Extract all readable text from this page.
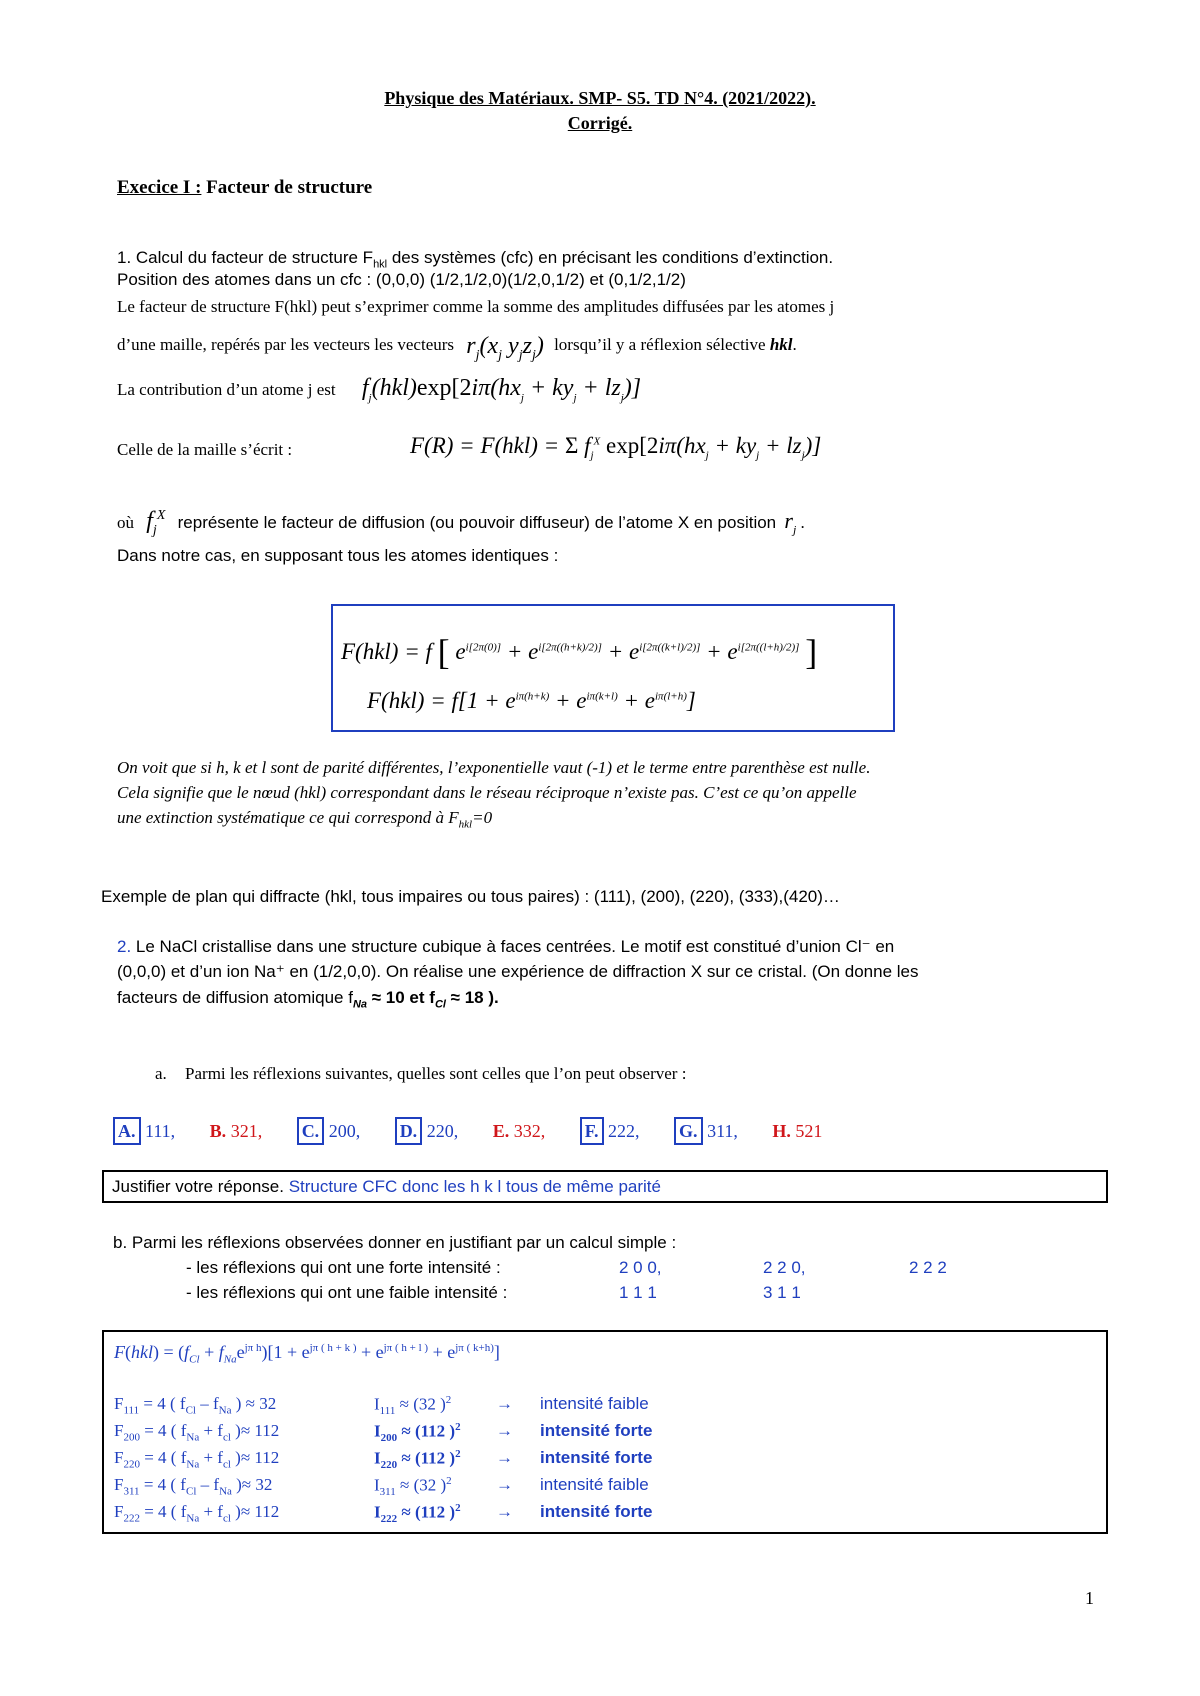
Physique des Matériaux. SMP- S5. TD N°4. (2021/2022).
Corrigé.
Execice I : Facteur de structure
1. Calcul du facteur de structure $F_{hkl}$ des systèmes (cfc) en précisant les conditions d’extinction.
Position des atomes dans un cfc : (0,0,0) (1/2,1/2,0)(1/2,0,1/2) et (0,1/2,1/2)
Le facteur de structure F(hkl) peut s’exprimer comme la somme des amplitudes diffusées par les atomes j
d’une maille, repérés par les vecteurs les vecteurs $r_j(x_j$ $y_jz_j$) lorsqu’il y a réflexion sélective hkl.
La contribution d’un atome j est $f_j(hkl)\exp[2i\pi(hx_j + ky_j + lz_j)]$
Celle de la maille s’écrit :	F(R) = F(hkl) = Σ $f_j^X$ $\exp[2i\pi(hx_j + ky_j + lz_j)]$
où $f_j^X$ représente le facteur de diffusion (ou pouvoir diffuseur) de l’atome X en position $r_j$ .
Dans notre cas, en supposant tous les atomes identiques :
F(hkl) = f [ $e^{i[2\pi(0)]} + e^{i[2\pi((h+k)/2)]} + e^{i[2\pi((k+l)/2)]} + e^{i[2\pi((l+h)/2)]}$ ]
$F(hkl) = f[1 + e^{i\pi(h+k)} + e^{i\pi(k+l)} + e^{i\pi(l+h)}]$
On voit que si h, k et l sont de parité différentes, l’exponentielle vaut (-1) et le terme entre parenthèse est nulle.
Cela signifie que le nœud (hkl) correspondant dans le réseau réciproque n’existe pas. C’est ce qu’on appelle
une extinction systématique ce qui correspond à $F_{hkl}=0$
Exemple de plan qui diffracte (hkl, tous impaires ou tous paires) : (111), (200), (220), (333),(420)…
2. Le NaCl cristallise dans une structure cubique à faces centrées. Le motif est constitué d’union Cl⁻ en
(0,0,0) et d’un ion Na⁺ en (1/2,0,0). On réalise une expérience de diffraction X sur ce cristal. (On donne les
facteurs de diffusion atomique $f_{Na} \approx 10$ et $f_{Cl} \approx 18$ ).
a. Parmi les réflexions suivantes, quelles sont celles que l’on peut observer :
A. 111, B. 321, C. 200, D. 220, E. 332, F. 222, G. 311, H. 521
Justifier votre réponse. Structure CFC donc les h k l tous de même parité
b. Parmi les réflexions observées donner en justifiant par un calcul simple :
- les réflexions qui ont une forte intensité :	2 0 0,	2 2 0,	2 2 2
- les réflexions qui ont une faible intensité :	1 1 1	3 1 1
$F(hkl) = (f_{Cl} + f_{Na}e^{j\pi h})[1 + e^{j\pi ( h + k )} + e^{j\pi ( h + l )} + e^{j\pi ( k+h)}]$
$F_{111} = 4$ ( $f_{Cl} - f_{Na}$ ) ≈ 32	$I_{111} \approx (32$ )$^2$	→ intensité faible
$F_{200} = 4$ ( $f_{Na} + f_{cl}$ )≈ 112	$I_{200} \approx (112$ )$^2$ → intensité forte
$F_{220} = 4$ ( $f_{Na} + f_{cl}$ )≈ 112	$I_{220} \approx (112$ )$^2$ → intensité forte
$F_{311} = 4$ ( $f_{Cl} - f_{Na}$ )≈ 32	$I_{311} \approx (32$ )$^2$	→ intensité faible
$F_{222} = 4$ ( $f_{Na} + f_{cl}$ )≈ 112	$I_{222} \approx (112$ )$^2$ → intensité forte
1
